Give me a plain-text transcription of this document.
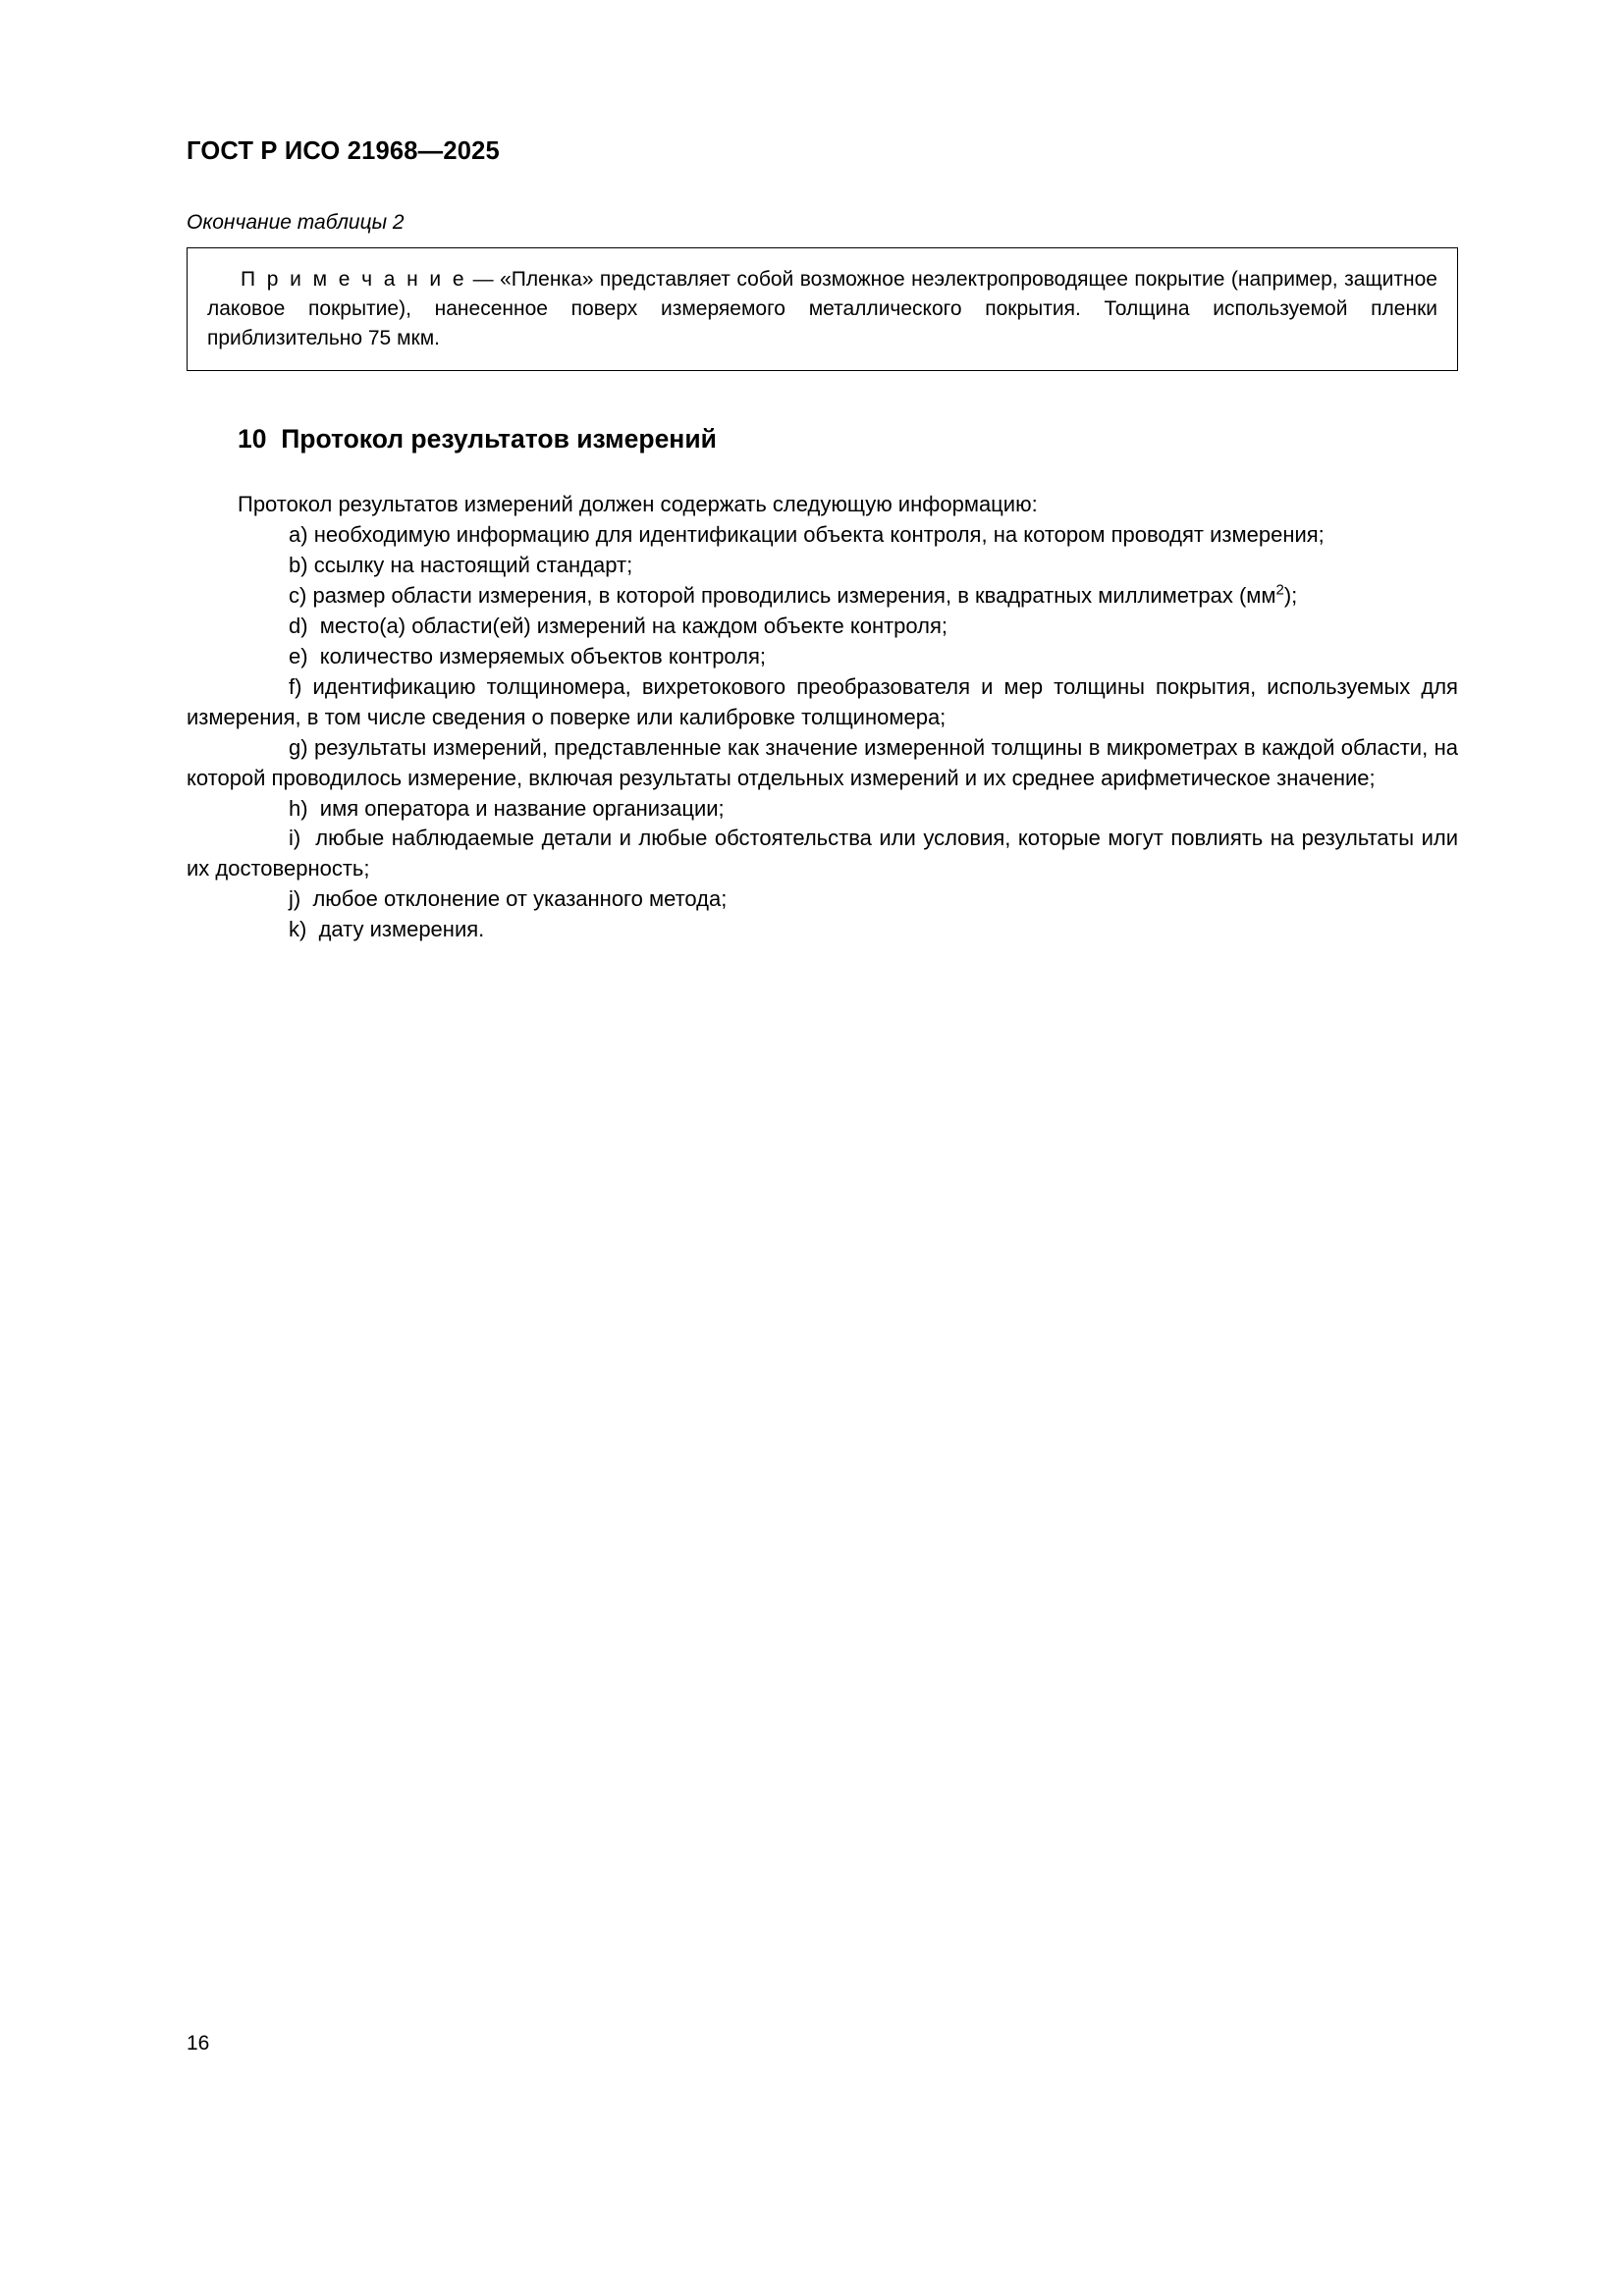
ГОСТ Р ИСО 21968—2025
Окончание таблицы 2

П р и м е ч а н и е — «Пленка» представляет собой возможное неэлектропроводящее покрытие (например, защитное лаковое покрытие), нанесенное поверх измеряемого металлического покрытия. Толщина используемой пленки приблизительно 75 мкм.

10 Протокол результатов измерений

Протокол результатов измерений должен содержать следующую информацию:

a) необходимую информацию для идентификации объекта контроля, на котором проводят измерения;

b) ссылку на настоящий стандарт;

c) размер области измерения, в которой проводились измерения, в квадратных миллиметрах $(мм^2)$;

d) место(а) области(ей) измерений на каждом объекте контроля;

e) количество измеряемых объектов контроля;

f) идентификацию толщиномера, вихретокового преобразователя и мер толщины покрытия, используемых для измерения, в том числе сведения о поверке или калибровке толщиномера;

g) результаты измерений, представленные как значение измеренной толщины в микрометрах в каждой области, на которой проводилось измерение, включая результаты отдельных измерений и их среднее арифметическое значение;

h) имя оператора и название организации;

i) любые наблюдаемые детали и любые обстоятельства или условия, которые могут повлиять на результаты или их достоверность;

j) любое отклонение от указанного метода;

k) дату измерения.

16
